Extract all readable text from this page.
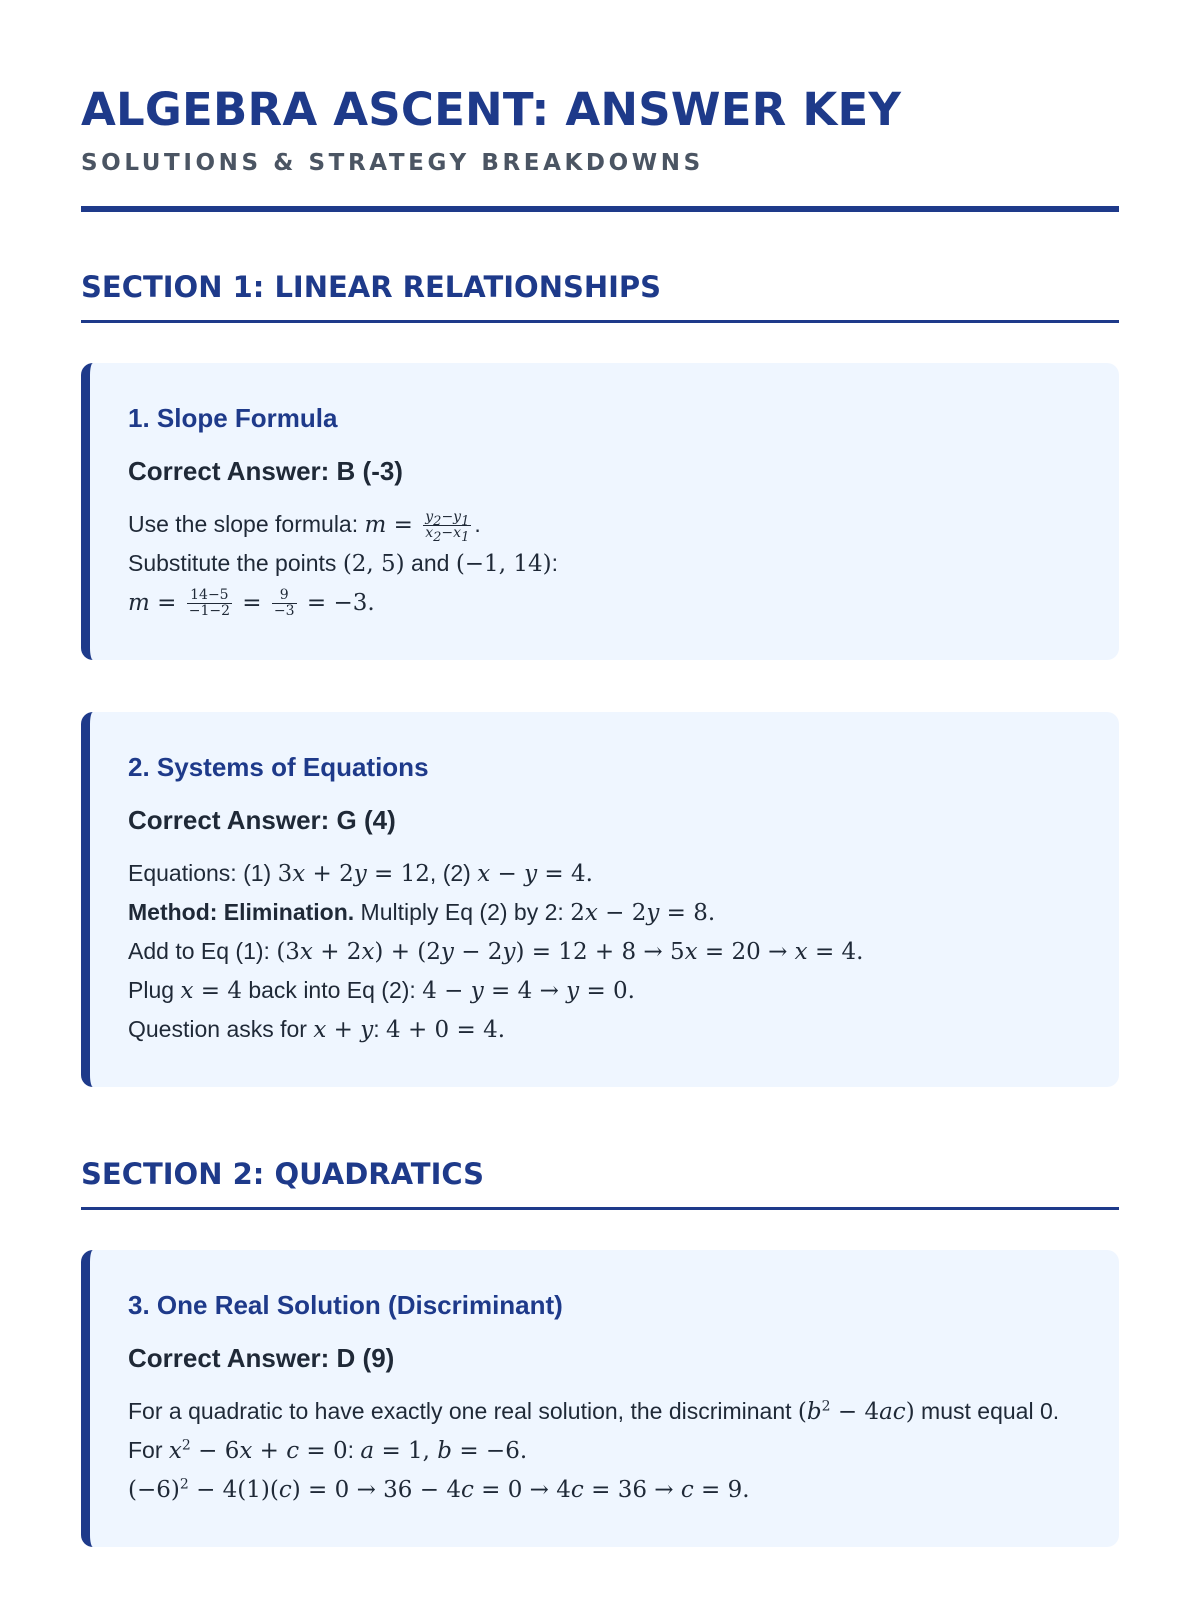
ALGEBRA ASCENT: ANSWER KEY
SOLUTIONS & STRATEGY BREAKDOWNS
SECTION 1: LINEAR RELATIONSHIPS
1. Slope Formula
Correct Answer: B (-3)
Use the slope formula: $m = \frac{y_2-y_1}{x_2-x_1}$ .
Substitute the points (2, 5) and (−1, 14):
$m = \frac{14-5}{-1-2} = \frac{9}{-3} = -3$.
2. Systems of Equations
Correct Answer: G (4)
Equations: (1) 3x + 2y = 12, (2) x − y = 4.
Method: Elimination. Multiply Eq (2) by 2: 2x − 2y = 8.
Add to Eq (1): (3x + 2x) + (2y − 2y) = 12 + 8 → 5x = 20 → x = 4.
Plug x = 4 back into Eq (2): 4 − y = 4 → y = 0.
Question asks for x + y: 4 + 0 = 4.
SECTION 2: QUADRATICS
3. One Real Solution (Discriminant)
Correct Answer: D (9)
For a quadratic to have exactly one real solution, the discriminant $(b^2 - 4ac)$ must equal 0.
For $x^2 - 6x + c = 0$: a = 1, b = −6.
$(-6)^2 - 4(1)(c) = 0 \to 36 - 4c = 0 \to 4c = 36 \to c = 9$.
